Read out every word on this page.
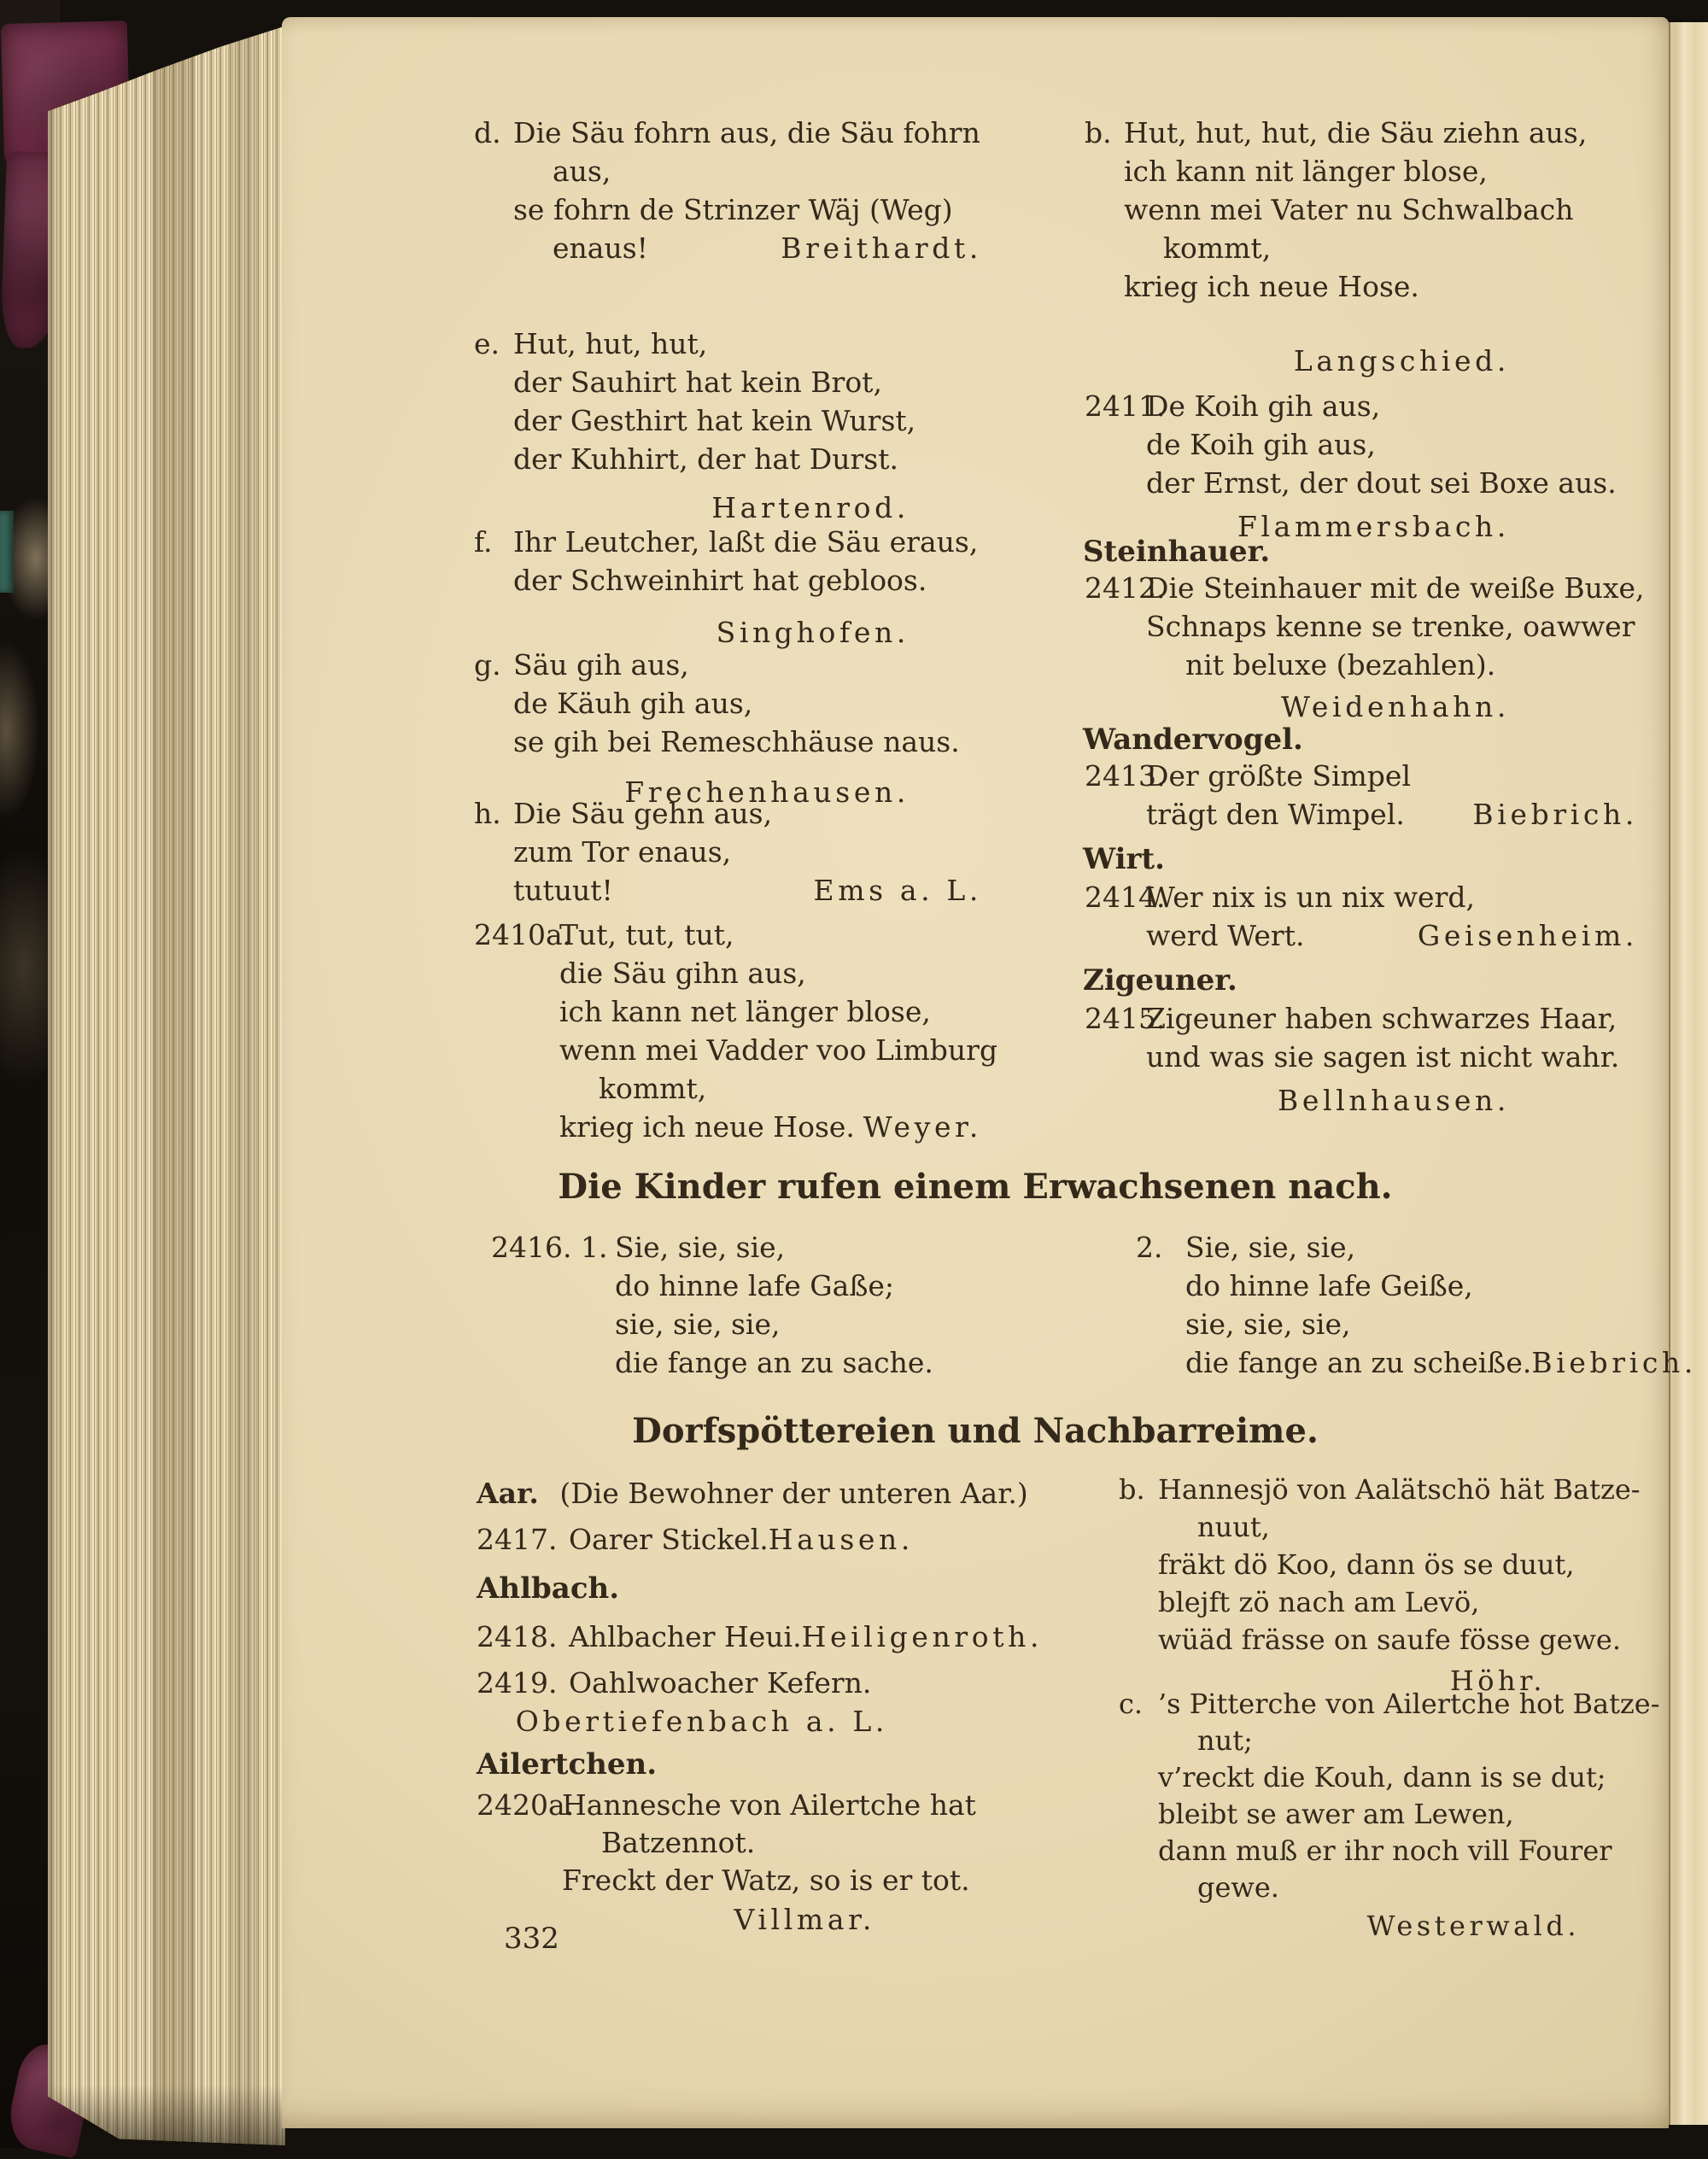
d. Die Säu fohrn aus, die Säu fohrn
aus,
se fohrn de Strinzer Wäj (Weg)
enaus!	Breithardt.
e. Hut, hut, hut,
der Sauhirt hat kein Brot,
der Gesthirt hat kein Wurst,
der Kuhhirt, der hat Durst.
Hartenrod.
f. Ihr Leutcher, laßt die Säu eraus,
der Schweinhirt hat gebloos.
Singhofen.
g. Säu gih aus,
de Käuh gih aus,
se gih bei Remeschhäuse naus.
Frechenhausen.
h. Die Säu gehn aus,
zum Tor enaus,
tutuut!	Ems a. L.
2410a.
Tut, tut, tut,
die Säu gihn aus,
ich kann net länger blose,
wenn mei Vadder voo Limburg
kommt,
krieg ich neue Hose. Weyer.
b. Hut, hut, hut, die Säu ziehn aus,
ich kann nit länger blose,
wenn mei Vater nu Schwalbach
kommt,
krieg ich neue Hose.
Langschied.
2411.
De Koih gih aus,
de Koih gih aus,
der Ernst, der dout sei Boxe aus.
Flammersbach.
Steinhauer.
2412.
Die Steinhauer mit de weiße Buxe,
Schnaps kenne se trenke, oawwer
nit beluxe (bezahlen).
Weidenhahn.
Wandervogel.
2413.
Der größte Simpel
trägt den Wimpel. Biebrich.
Wirt.
2414.
Wer nix is un nix werd,
werd Wert.	Geisenheim.
Zigeuner.
2415.
Zigeuner haben schwarzes Haar,
und was sie sagen ist nicht wahr.
Bellnhausen.
Die Kinder rufen einem Erwachsenen nach.
2416. 1. Sie, sie, sie,
do hinne lafe Gaße;
sie, sie, sie,
die fange an zu sache.
2. Sie, sie, sie,
do hinne lafe Geiße,
sie, sie, sie,
die fange an zu scheiße. Biebrich.
Dorfspöttereien und Nachbarreime.
Aar. (Die Bewohner der unteren Aar.)
2417. Oarer Stickel. Hausen.
Ahlbach.
2418. Ahlbacher Heui. Heiligenroth.
2419. Oahlwoacher Kefern.
Obertiefenbach a. L.
Ailertchen.
2420a.
Hannesche von Ailertche hat
Batzennot.
Freckt der Watz, so is er tot.
Villmar.
b. Hannesjö von Aalätschö hät Batze-
nuut,
fräkt dö Koo, dann ös se duut,
blejft zö nach am Levö,
wüäd frässe on saufe fösse gewe.
Höhr.
c. ’s Pitterche von Ailertche hot Batze-
nut;
v’reckt die Kouh, dann is se dut;
bleibt se awer am Lewen,
dann muß er ihr noch vill Fourer
gewe.
Westerwald.
332
